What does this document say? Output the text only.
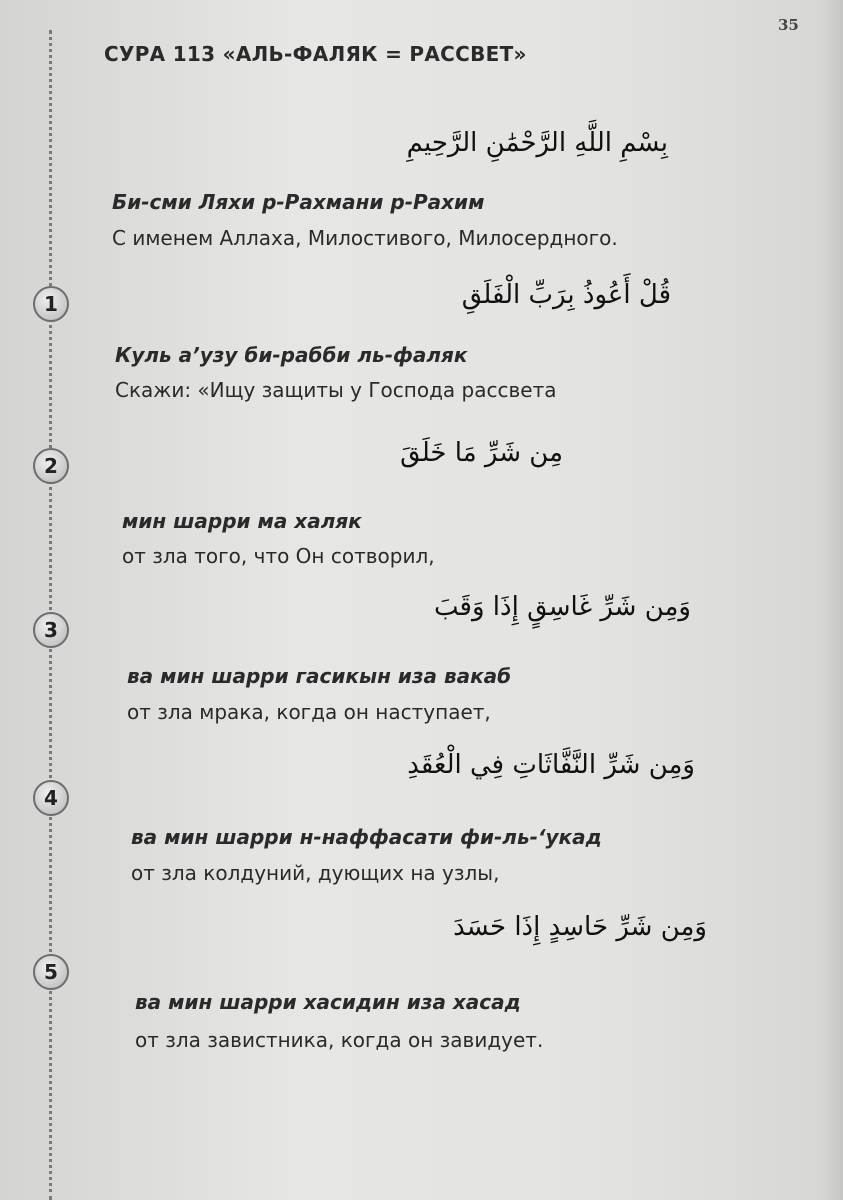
35
СУРА 113 «АЛЬ-ФАЛЯК = РАССВЕТ»
بِسْمِ اللَّهِ الرَّحْمَٰنِ الرَّحِيمِ
Би-сми Ляхи р-Рахмани р-Рахим
С именем Аллаха, Милостивого, Милосердного.
1	قُلْ أَعُوذُ بِرَبِّ الْفَلَقِ
Куль а’узу би-рабби ль-фаляк
Скажи: «Ищу защиты у Господа рассвета
2	مِن شَرِّ مَا خَلَقَ
мин шарри ма халяк
от зла того, что Он сотворил,
3
وَمِن شَرِّ غَاسِقٍ إِذَا وَقَبَ
ва мин шарри гасикын иза вакаб
от зла мрака, когда он наступает,
4
وَمِن شَرِّ النَّفَّاثَاتِ فِي الْعُقَدِ
ва мин шарри н-наффасати фи-ль-‘укад
от зла колдуний, дующих на узлы,
5
وَمِن شَرِّ حَاسِدٍ إِذَا حَسَدَ
ва мин шарри хасидин иза хасад
от зла завистника, когда он завидует.
